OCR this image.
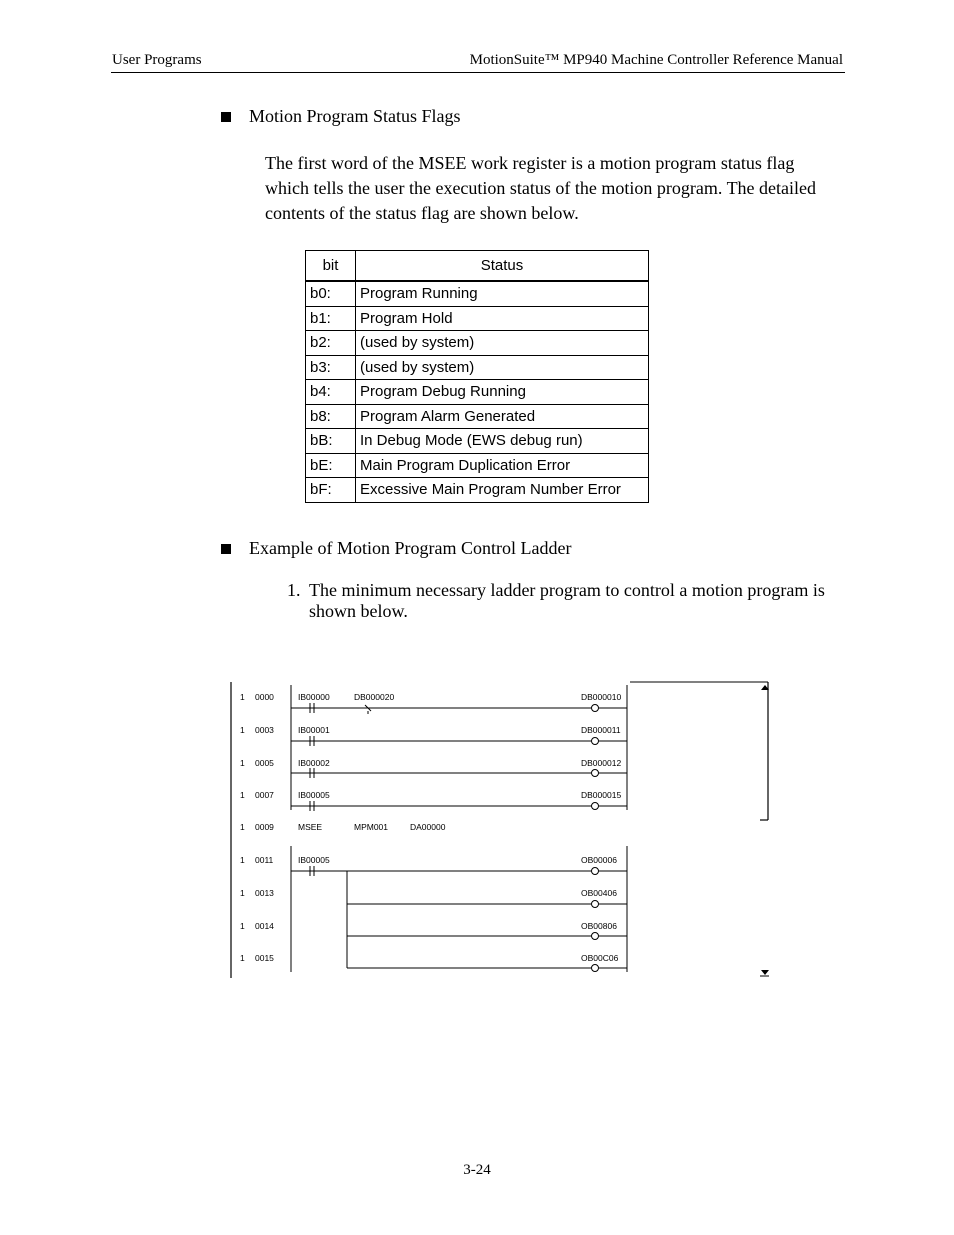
User Programs	MotionSuite™ MP940 Machine Controller Reference Manual
Motion Program Status Flags
The first word of the MSEE work register is a motion program status flag
which tells the user the execution status of the motion program. The detailed
contents of the status flag are shown below.
bit	Status
b0:	Program Running
b1:	Program Hold
b2:	(used by system)
b3:	(used by system)
b4:	Program Debug Running
b8:	Program Alarm Generated
bB:	In Debug Mode (EWS debug run)
bE:	Main Program Duplication Error
bF:	Excessive Main Program Number Error
Example of Motion Program Control Ladder
1. The minimum necessary ladder program to control a motion program is
shown below.
1 0000	IB00000	DB000020	DB000010
1 0003	IB00001	DB000011
1 0005	IB00002	DB000012
1 0007	IB00005	DB000015
1 0009	MSEE	MPM001	DA00000
1 0011	IB00005	OB00006
1 0013	OB00406
1 0014	OB00806
1 0015	OB00C06
3-24
